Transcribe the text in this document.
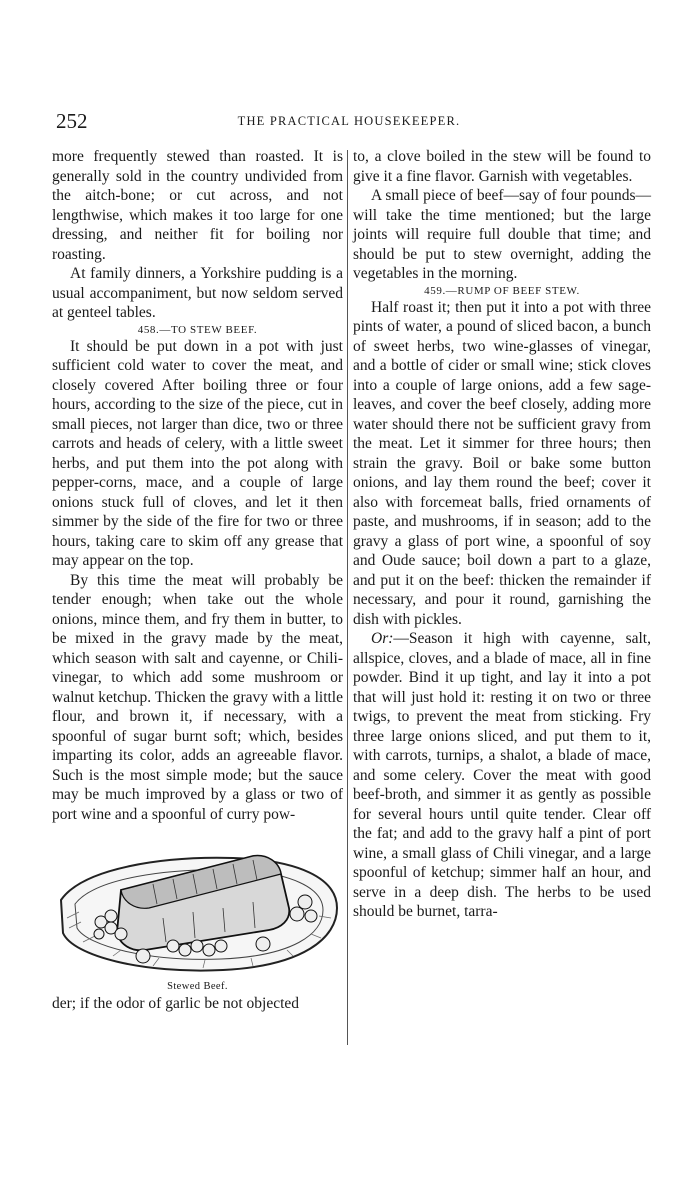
252	THE PRACTICAL HOUSEKEEPER.

more frequently stewed than roasted. It is generally sold in the country undivided from the aitch-bone; or cut across, and not lengthwise, which makes it too large for one dressing, and neither fit for boiling nor roasting.

At family dinners, a Yorkshire pudding is a usual accompaniment, but now seldom served at genteel tables.

458.—TO STEW BEEF.

It should be put down in a pot with just sufficient cold water to cover the meat, and closely covered After boiling three or four hours, according to the size of the piece, cut in small pieces, not larger than dice, two or three carrots and heads of celery, with a little sweet herbs, and put them into the pot along with pepper-corns, mace, and a couple of large onions stuck full of cloves, and let it then simmer by the side of the fire for two or three hours, taking care to skim off any grease that may appear on the top.

By this time the meat will probably be tender enough; when take out the whole onions, mince them, and fry them in butter, to be mixed in the gravy made by the meat, which season with salt and cayenne, or Chili-vinegar, to which add some mushroom or walnut ketchup. Thicken the gravy with a little flour, and brown it, if necessary, with a spoonful of sugar burnt soft; which, besides imparting its color, adds an agreeable flavor. Such is the most simple mode; but the sauce may be much improved by a glass or two of port wine and a spoonful of curry pow-

Stewed Beef.

der; if the odor of garlic be not objected

to, a clove boiled in the stew will be found to give it a fine flavor. Garnish with vegetables.

A small piece of beef—say of four pounds—will take the time mentioned; but the large joints will require full double that time; and should be put to stew overnight, adding the vegetables in the morning.

459.—RUMP OF BEEF STEW.

Half roast it; then put it into a pot with three pints of water, a pound of sliced bacon, a bunch of sweet herbs, two wine-glasses of vinegar, and a bottle of cider or small wine; stick cloves into a couple of large onions, add a few sage-leaves, and cover the beef closely, adding more water should there not be sufficient gravy from the meat. Let it simmer for three hours; then strain the gravy. Boil or bake some button onions, and lay them round the beef; cover it also with forcemeat balls, fried ornaments of paste, and mushrooms, if in season; add to the gravy a glass of port wine, a spoonful of soy and Oude sauce; boil down a part to a glaze, and put it on the beef: thicken the remainder if necessary, and pour it round, garnishing the dish with pickles.

Or:—Season it high with cayenne, salt, allspice, cloves, and a blade of mace, all in fine powder. Bind it up tight, and lay it into a pot that will just hold it: resting it on two or three twigs, to prevent the meat from sticking. Fry three large onions sliced, and put them to it, with carrots, turnips, a shalot, a blade of mace, and some celery. Cover the meat with good beef-broth, and simmer it as gently as possible for several hours until quite tender. Clear off the fat; and add to the gravy half a pint of port wine, a small glass of Chili vinegar, and a large spoonful of ketchup; simmer half an hour, and serve in a deep dish. The herbs to be used should be burnet, tarra-
